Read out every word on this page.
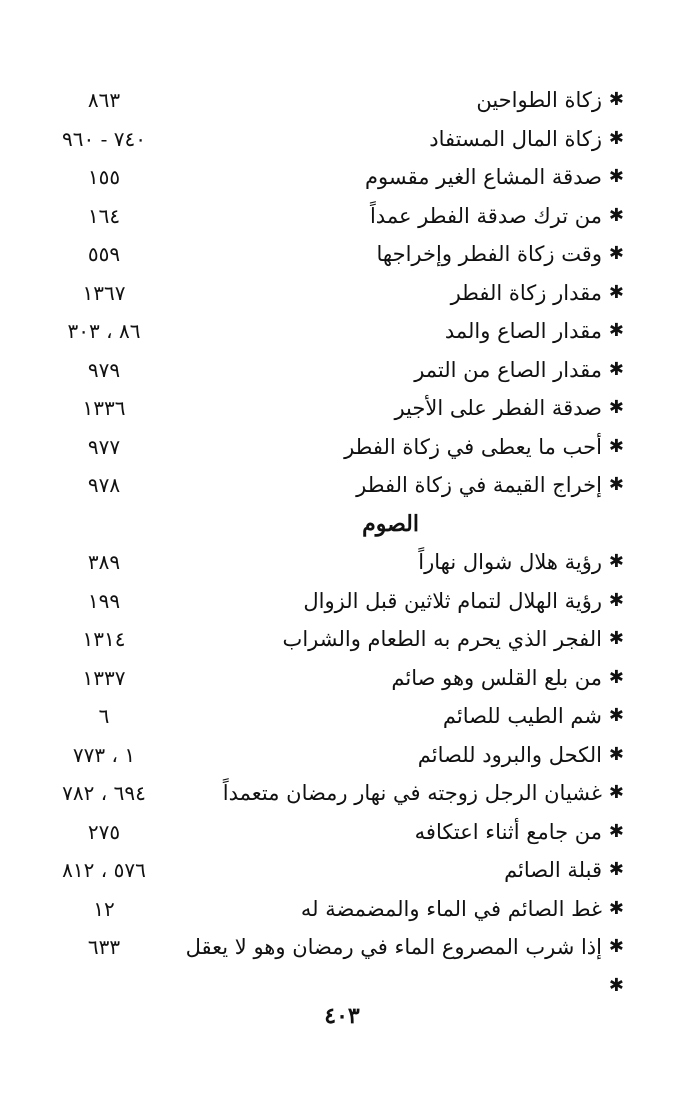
✱
زكاة الطواحين
٨٦٣
✱
زكاة المال المستفاد
٧٤٠ - ٩٦٠
✱
صدقة المشاع الغير مقسوم
١٥٥
✱
من ترك صدقة الفطر عمداً
١٦٤
✱
وقت زكاة الفطر وإخراجها
٥٥٩
✱
مقدار زكاة الفطر
١٣٦٧
✱
مقدار الصاع والمد
٨٦ ، ٣٠٣
✱
مقدار الصاع من التمر
٩٧٩
✱
صدقة الفطر على الأجير
١٣٣٦
✱
أحب ما يعطى في زكاة الفطر
٩٧٧
✱
إخراج القيمة في زكاة الفطر
٩٧٨
الصوم
✱
رؤية هلال شوال نهاراً
٣٨٩
✱
رؤية الهلال لتمام ثلاثين قبل الزوال
١٩٩
✱
الفجر الذي يحرم به الطعام والشراب
١٣١٤
✱
من بلع القلس وهو صائم
١٣٣٧
✱
شم الطيب للصائم
٦
✱
الكحل والبرود للصائم
١ ، ٧٧٣
✱
غشيان الرجل زوجته في نهار رمضان متعمداً
٦٩٤ ، ٧٨٢
✱
من جامع أثناء اعتكافه
٢٧٥
✱
قبلة الصائم
٥٧٦ ، ٨١٢
✱
غط الصائم في الماء والمضمضة له
١٢
✱
إذا شرب المصروع الماء في رمضان وهو لا يعقل
٦٣٣
✱
٤٠٣
